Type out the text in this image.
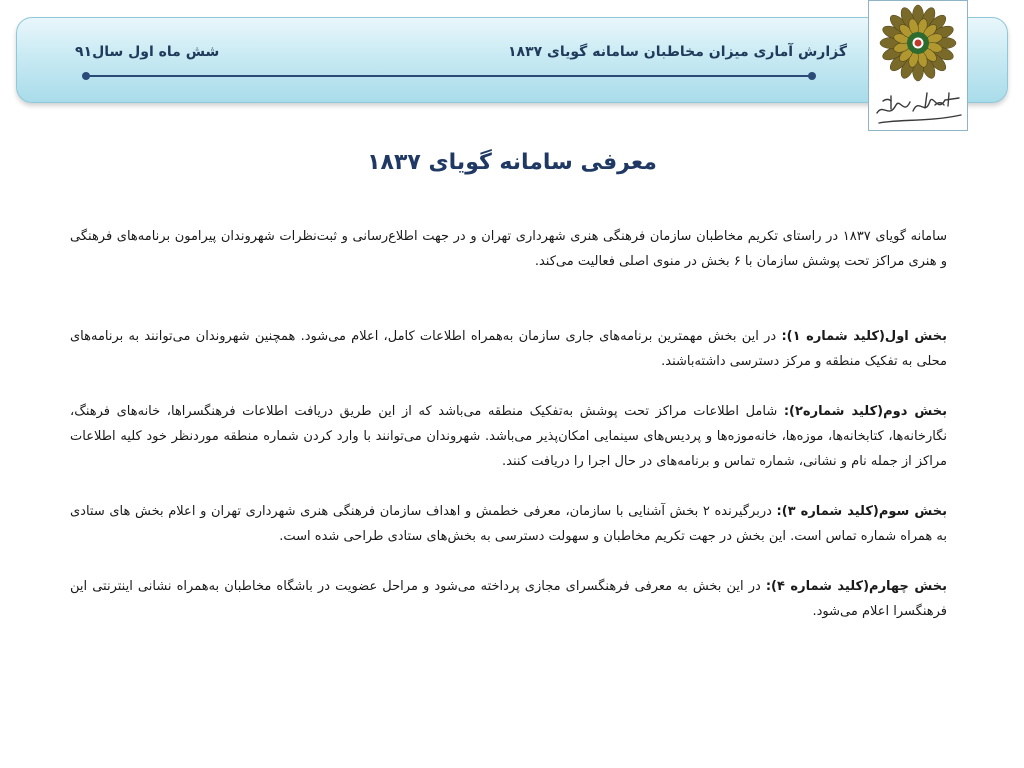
گزارش آماری میزان مخاطبان سامانه گویای ۱۸۳۷
شش ماه اول سال۹۱
معرفی سامانه گویای ۱۸۳۷

سامانه گویای ۱۸۳۷ در راستای تکریم مخاطبان سازمان فرهنگی هنری شهرداری تهران و در جهت اطلاع‌رسانی و ثبت‌نظرات شهروندان پیرامون برنامه‌های فرهنگی و هنری مراکز تحت پوشش سازمان با ۶ بخش در منوی اصلی فعالیت می‌کند.

بخش اول(کلید شماره ۱): در این بخش مهمترین برنامه‌های جاری سازمان به‌همراه اطلاعات کامل، اعلام می‌شود. همچنین شهروندان می‌توانند به برنامه‌های محلی به تفکیک منطقه و مرکز دسترسی داشته‌باشند.

بخش دوم(کلید شماره۲): شامل اطلاعات مراکز تحت پوشش به‌تفکیک منطقه می‌باشد که از این طریق دریافت اطلاعات فرهنگسراها، خانه‌های فرهنگ، نگارخانه‌ها، کتابخانه‌ها، موزه‌ها، خانه‌موزه‌ها و پردیس‌های سینمایی امکان‌پذیر می‌باشد. شهروندان می‌توانند با وارد کردن شماره منطقه موردنظر خود کلیه اطلاعات مراکز از جمله نام و نشانی، شماره تماس و برنامه‌های در حال اجرا را دریافت کنند.

بخش سوم(کلید شماره ۳): دربرگیرنده ۲ بخش آشنایی با سازمان، معرفی خطمش و اهداف سازمان فرهنگی هنری شهرداری تهران و اعلام بخش های ستادی به همراه شماره تماس است. این بخش در جهت تکریم مخاطبان و سهولت دسترسی به بخش‌های ستادی طراحی شده است.

بخش چهارم(کلید شماره ۴): در این بخش به معرفی فرهنگسرای مجازی پرداخته می‌شود و مراحل عضویت در باشگاه مخاطبان به‌همراه نشانی اینترنتی این فرهنگسرا اعلام می‌شود.
